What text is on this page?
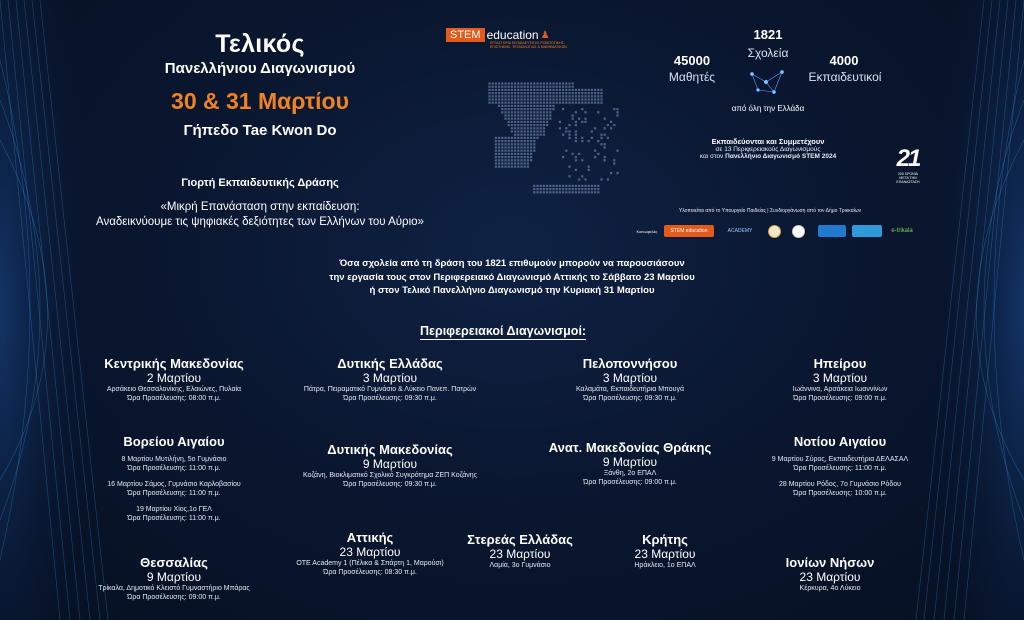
Τελικός
Πανελλήνιου Διαγωνισμού
30 & 31 Μαρτίου
Γήπεδο Tae Kwon Do
Γιορτή Εκπαιδευτικής Δράσης
«Μικρή Επανάσταση στην εκπαίδευση:
Αναδεικνύουμε τις ψηφιακές δεξιότητες των Ελλήνων του Αύριο»
STEM education ♟
ΕΡΓΑΣΤΗΡΙΑ ΕΚΠΑΙΔΕΥΤΙΚΗΣ ΡΟΜΠΟΤΙΚΗΣ,
ΕΠΙΣΤΗΜΗΣ, ΤΕΧΝΟΛΟΓΙΑΣ & ΜΑΘΗΜΑΤΙΚΩΝ
1821
Σχολεία
45000
Μαθητές
4000
Εκπαιδευτικοί
από όλη την Ελλάδα
Εκπαιδεύονται και Συμμετέχουν
σε 13 Περιφερειακούς Διαγωνισμούς
και στον Πανελλήνιο Διαγωνισμό STEM 2024	21
200 ΧΡΟΝΙΑ
ΜΕΤΑ ΤΗΝ
ΕΠΑΝΑΣΤΑΣΗ
Υλοποιείται από το Υπουργείο Παιδείας | Συνδιοργάνωση από τον Δήμο Τρικκαίων
Κοινωφελές	STEM education	ACADEMY	e-trikala
Όσα σχολεία από τη δράση του 1821 επιθυμούν μπορούν να παρουσιάσουν
την εργασία τους στον Περιφερειακό Διαγωνισμό Αττικής το Σάββατο 23 Μαρτίου
ή στον Τελικό Πανελλήνιο Διαγωνισμό την Κυριακή 31 Μαρτίου
Περιφερειακοί Διαγωνισμοί:
Κεντρικής Μακεδονίας
2 Μαρτίου
Αρσάκειο Θεσσαλονίκης, Ελαιώνες, Πυλαία
Ώρα Προσέλευσης: 08:00 π.μ.
Δυτικής Ελλάδας
3 Μαρτίου
Πάτρα, Πειραματικό Γυμνάσιο & Λύκειο Πανεπ. Πατρών
Ώρα Προσέλευσης: 09:30 π.μ.
Πελοποννήσου
3 Μαρτίου
Καλαμάτα, Εκπαιδευτήρια Μπουγά
Ώρα Προσέλευσης: 09:30 π.μ.
Ηπείρου
3 Μαρτίου
Ιωάννινα, Αρσάκεια Ιωαννίνων
Ώρα Προσέλευσης: 09:00 π.μ.
Βορείου Αιγαίου
8 Μαρτίου Μυτιλήνη, 5ο Γυμνάσιο
Ώρα Προσέλευσης: 11:00 π.μ.
16 Μαρτίου Σάμος, Γυμνάσιο Καρλοβασίου
Ώρα Προσέλευσης: 11:00 π.μ.
19 Μαρτίου Χίος,1ο ΓΕΛ
Ώρα Προσέλευσης: 11:00 π.μ.
Δυτικής Μακεδονίας
9 Μαρτίου
Κοζάνη, Βιοκλιματικό Σχολικό Συγκρότημα ΖΕΠ Κοζάνης
Ώρα Προσέλευσης: 09:30 π.μ.
Ανατ. Μακεδονίας Θράκης
9 Μαρτίου
Ξάνθη, 2ο ΕΠΑΛ
Ώρα Προσέλευσης: 09:00 π.μ.
Νοτίου Αιγαίου
9 Μαρτίου Σύρος, Εκπαιδευτήρια ΔΕΛΑΣΑΛ
Ώρα Προσέλευσης: 11:00 π.μ.
28 Μαρτίου Ρόδος, 7ο Γυμνάσιο Ρόδου
Ώρα Προσέλευσης: 10:00 π.μ.
Θεσσαλίας
9 Μαρτίου
Τρίκαλα, Δημοτικό Κλειστό Γυμναστήριο Μπάρας
Ώρα Προσέλευσης: 09:00 π.μ.
Αττικής
23 Μαρτίου
OTE Academy 1 (Πέλικα & Σπάρτη 1, Μαρούσι)
Ώρα Προσέλευσης: 08:30 π.μ.
Στερεάς Ελλάδας
23 Μαρτίου
Λαμία, 3ο Γυμνάσιο
Κρήτης
23 Μαρτίου
Ηράκλειο, 1ο ΕΠΑΛ	Ιονίων Νήσων
23 Μαρτίου
Κέρκυρα, 4ο Λύκειο
